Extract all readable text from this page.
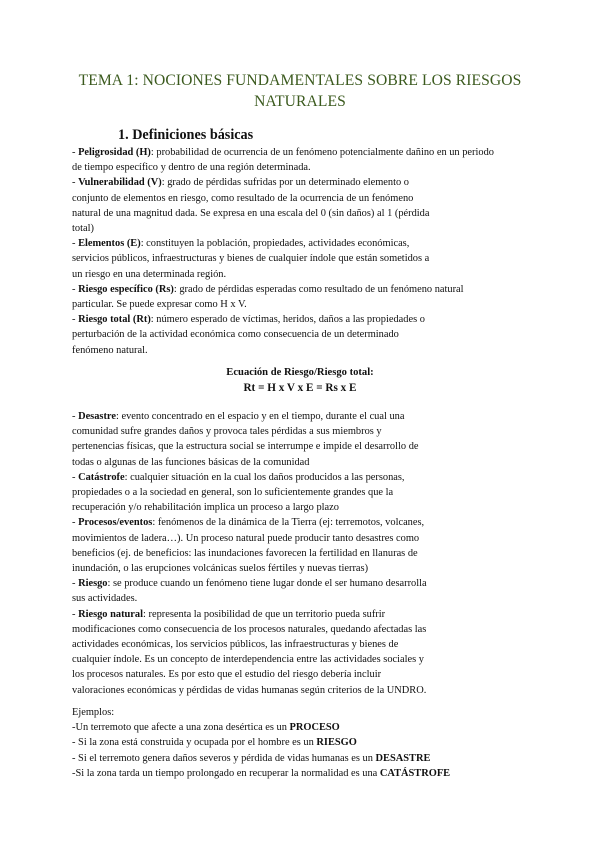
TEMA 1: NOCIONES FUNDAMENTALES SOBRE LOS RIESGOS NATURALES
1. Definiciones básicas

- Peligrosidad (H): probabilidad de ocurrencia de un fenómeno potencialmente dañino en un periodo

de tiempo específico y dentro de una región determinada.

- Vulnerabilidad (V): grado de pérdidas sufridas por un determinado elemento o

conjunto de elementos en riesgo, como resultado de la ocurrencia de un fenómeno

natural de una magnitud dada. Se expresa en una escala del 0 (sin daños) al 1 (pérdida

total)

- Elementos (E): constituyen la población, propiedades, actividades económicas,

servicios públicos, infraestructuras y bienes de cualquier índole que están sometidos a

un riesgo en una determinada región.

- Riesgo específico (Rs): grado de pérdidas esperadas como resultado de un fenómeno natural

particular. Se puede expresar como H x V.

- Riesgo total (Rt): número esperado de víctimas, heridos, daños a las propiedades o

perturbación de la actividad económica como consecuencia de un determinado

fenómeno natural.

Ecuación de Riesgo/Riesgo total:
Rt = H x V x E = Rs x E

- Desastre: evento concentrado en el espacio y en el tiempo, durante el cual una

comunidad sufre grandes daños y provoca tales pérdidas a sus miembros y

pertenencias físicas, que la estructura social se interrumpe e impide el desarrollo de

todas o algunas de las funciones básicas de la comunidad

- Catástrofe: cualquier situación en la cual los daños producidos a las personas,

propiedades o a la sociedad en general, son lo suficientemente grandes que la

recuperación y/o rehabilitación implica un proceso a largo plazo

- Procesos/eventos: fenómenos de la dinámica de la Tierra (ej: terremotos, volcanes,

movimientos de ladera…). Un proceso natural puede producir tanto desastres como

beneficios (ej. de beneficios: las inundaciones favorecen la fertilidad en llanuras de

inundación, o las erupciones volcánicas suelos fértiles y nuevas tierras)

- Riesgo: se produce cuando un fenómeno tiene lugar donde el ser humano desarrolla

sus actividades.

- Riesgo natural: representa la posibilidad de que un territorio pueda sufrir

modificaciones como consecuencia de los procesos naturales, quedando afectadas las

actividades económicas, los servicios públicos, las infraestructuras y bienes de

cualquier índole. Es un concepto de interdependencia entre las actividades sociales y

los procesos naturales. Es por esto que el estudio del riesgo debería incluir

valoraciones económicas y pérdidas de vidas humanas según criterios de la UNDRO.

Ejemplos:

-Un terremoto que afecte a una zona desértica es un PROCESO

- Si la zona está construida y ocupada por el hombre es un RIESGO

- Si el terremoto genera daños severos y pérdida de vidas humanas es un DESASTRE

-Si la zona tarda un tiempo prolongado en recuperar la normalidad es una CATÁSTROFE
